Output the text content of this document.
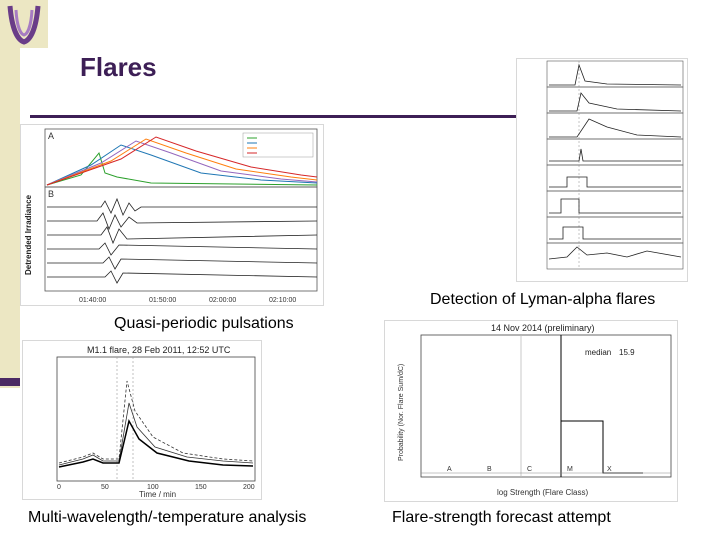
Flares
A
B
Detrended Irradiance
01:40:00	01:50:00	02:00:00	02:10:00	Detection of Lyman-alpha flares
Quasi-periodic pulsations
M1.1 flare, 28 Feb 2011, 12:52 UTC
Time / min
0	50	100	150	200
Multi-wavelength/-temperature analysis
14 Nov 2014 (preliminary)
median 15.9
A	B	C	M	X
log Strength (Flare Class)
Probability (Nor. Flare Sum/dC)
Flare-strength forecast attempt
